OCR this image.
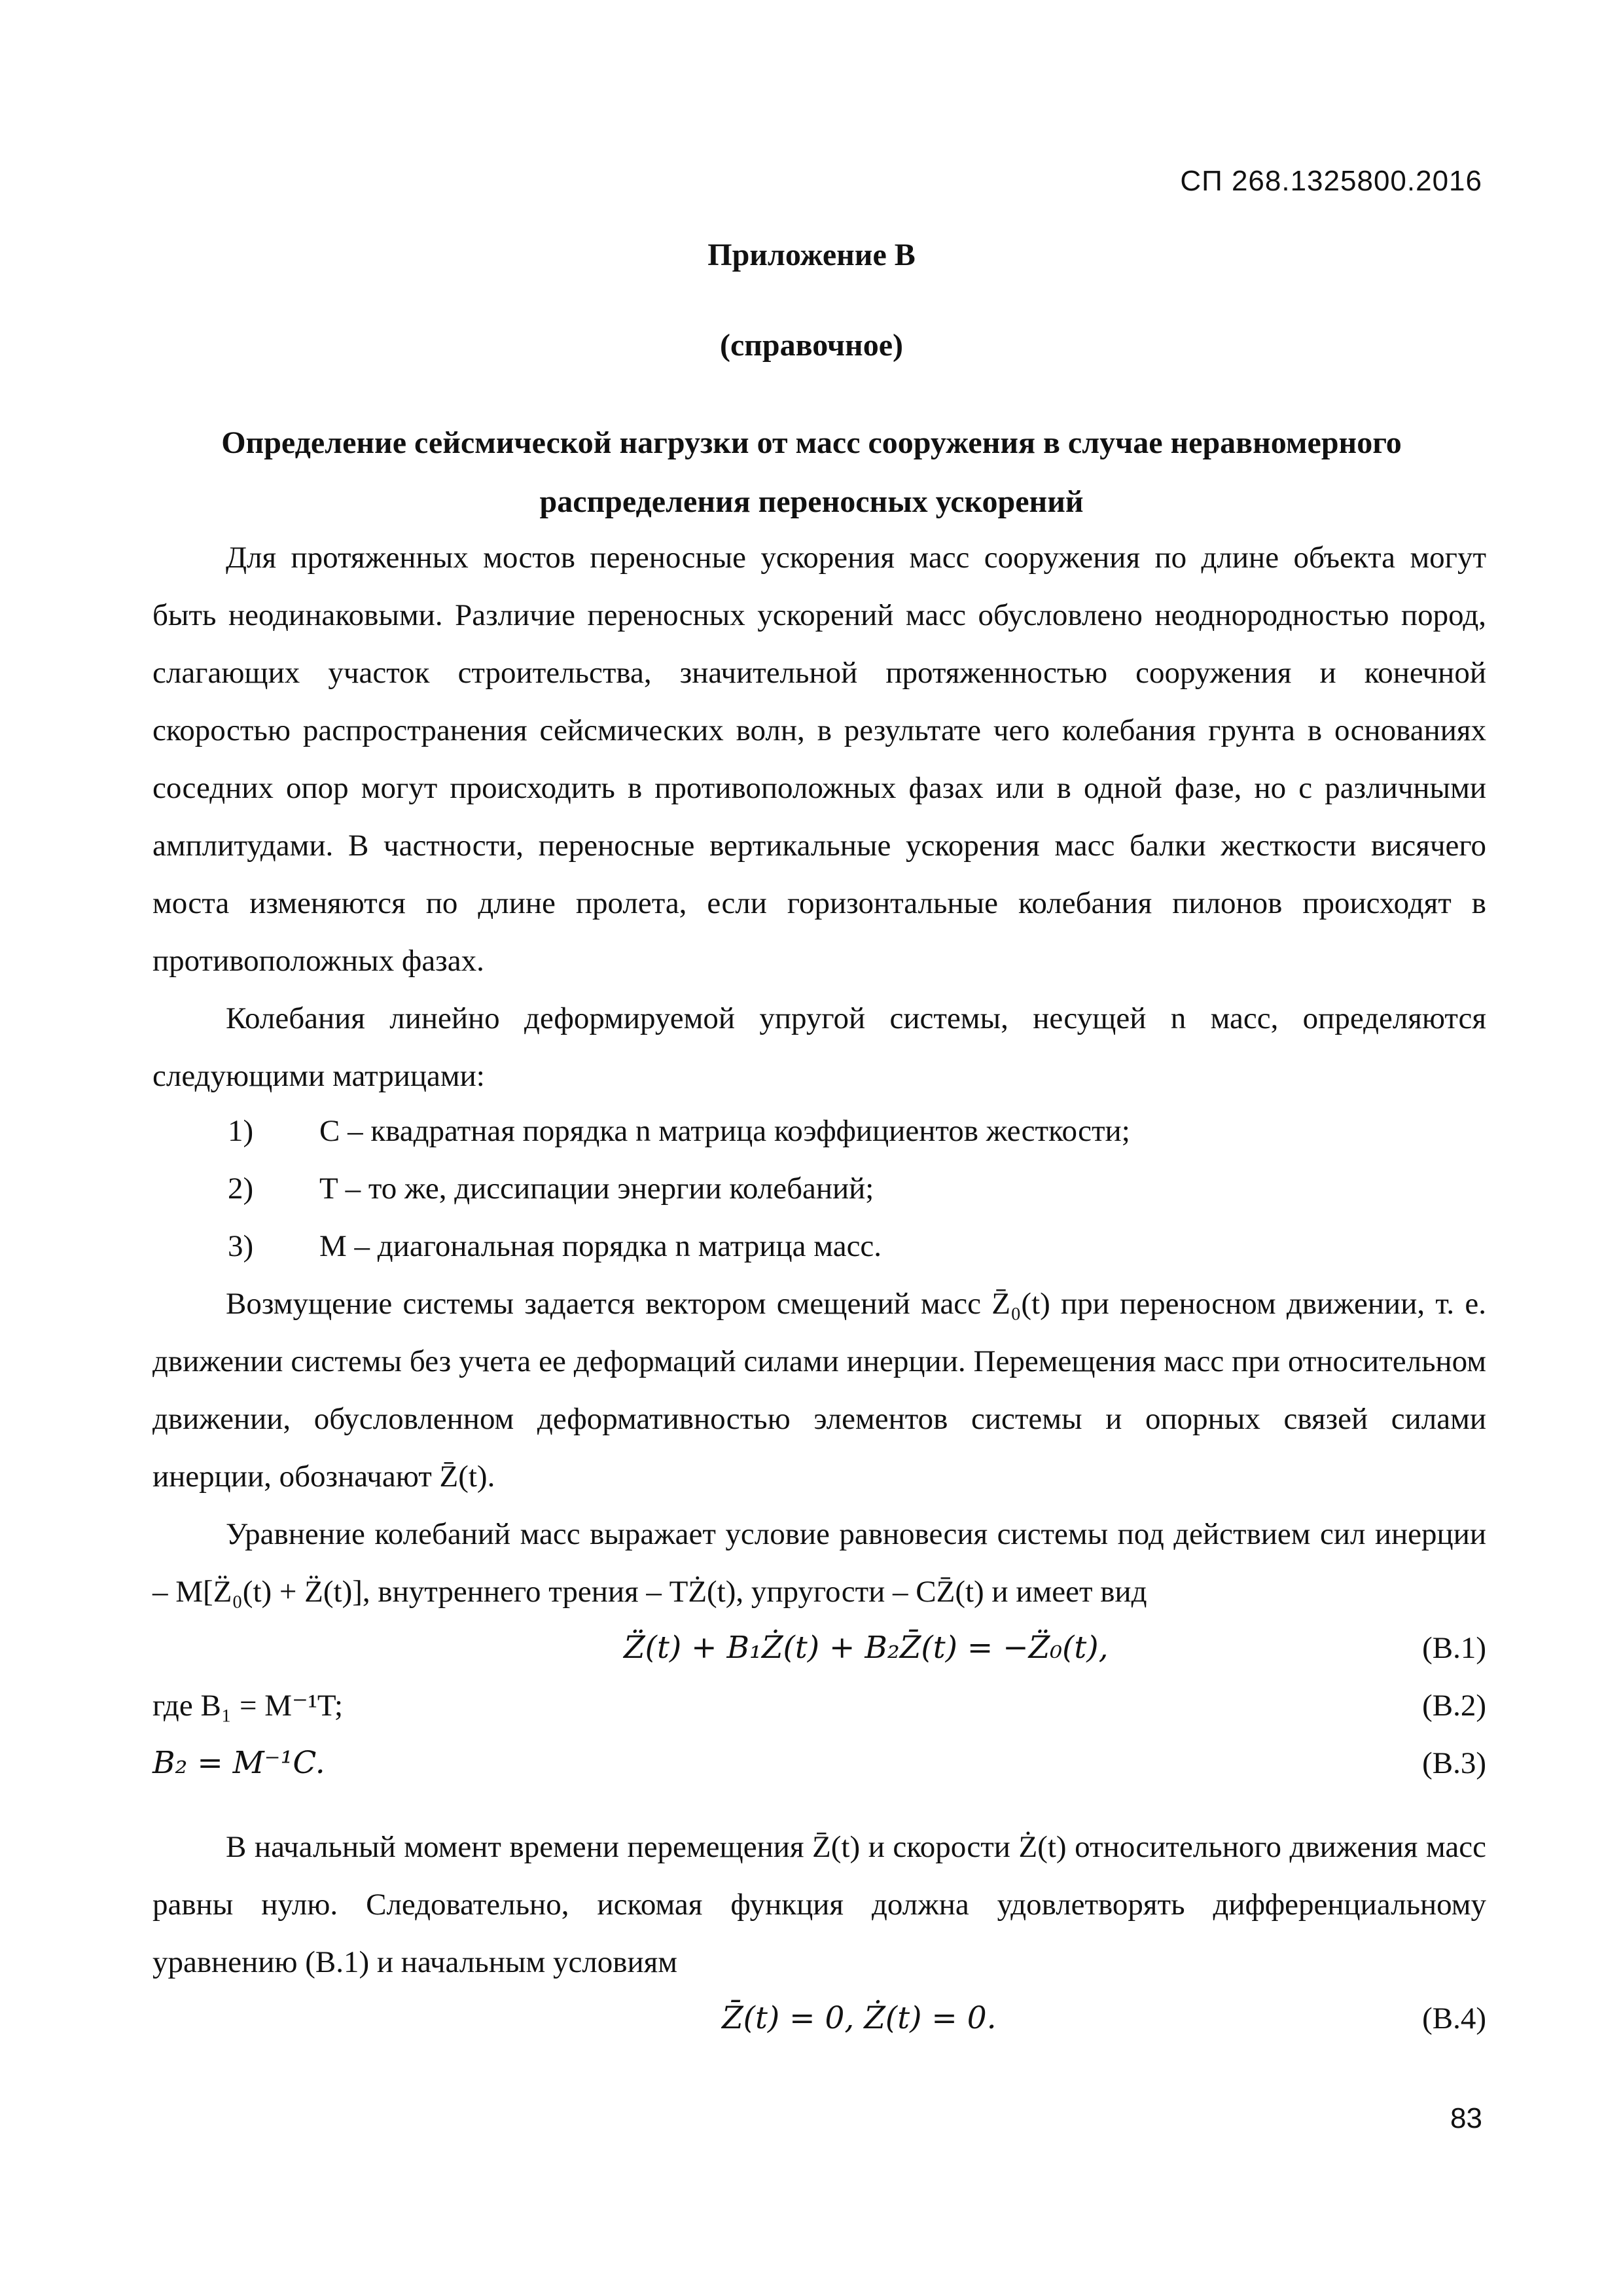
СП 268.1325800.2016
Приложение В
(справочное)
Определение сейсмической нагрузки от масс сооружения в случае неравномерного
распределения переносных ускорений

Для протяженных мостов переносные ускорения масс сооружения по длине объекта могут быть неодинаковыми. Различие переносных ускорений масс обусловлено неоднородностью пород, слагающих участок строительства, значительной протяженностью сооружения и конечной скоростью распространения сейсмических волн, в результате чего колебания грунта в основаниях соседних опор могут происходить в противоположных фазах или в одной фазе, но с различными амплитудами. В частности, переносные вертикальные ускорения масс балки жесткости висячего моста изменяются по длине пролета, если горизонтальные колебания пилонов происходят в противоположных фазах.

Колебания линейно деформируемой упругой системы, несущей n масс, определяются следующими матрицами:

1) C – квадратная порядка n матрица коэффициентов жесткости;
2) T – то же, диссипации энергии колебаний;
3) M – диагональная порядка n матрица масс.

Возмущение системы задается вектором смещений масс Z̄₀(t) при переносном движении, т. е. движении системы без учета ее деформаций силами инерции. Перемещения масс при относительном движении, обусловленном деформативностью элементов системы и опорных связей силами инерции, обозначают Z̄(t).

Уравнение колебаний масс выражает условие равновесия системы под действием сил инерции – M[Z̈₀(t) + Z̈(t)], внутреннего трения – TŻ(t), упругости – CZ̄(t) и имеет вид

Z̈(t) + B₁Ż(t) + B₂Z̄(t) = −Z̈₀(t),	(В.1)
где B₁ = M⁻¹T;	(В.2)
B₂ = M⁻¹C.	(В.3)

В начальный момент времени перемещения Z̄(t) и скорости Ż(t) относительного движения масс равны нулю. Следовательно, искомая функция должна удовлетворять дифференциальному уравнению (В.1) и начальным условиям

Z̄(t) = 0, Ż(t) = 0.	(В.4)
83
